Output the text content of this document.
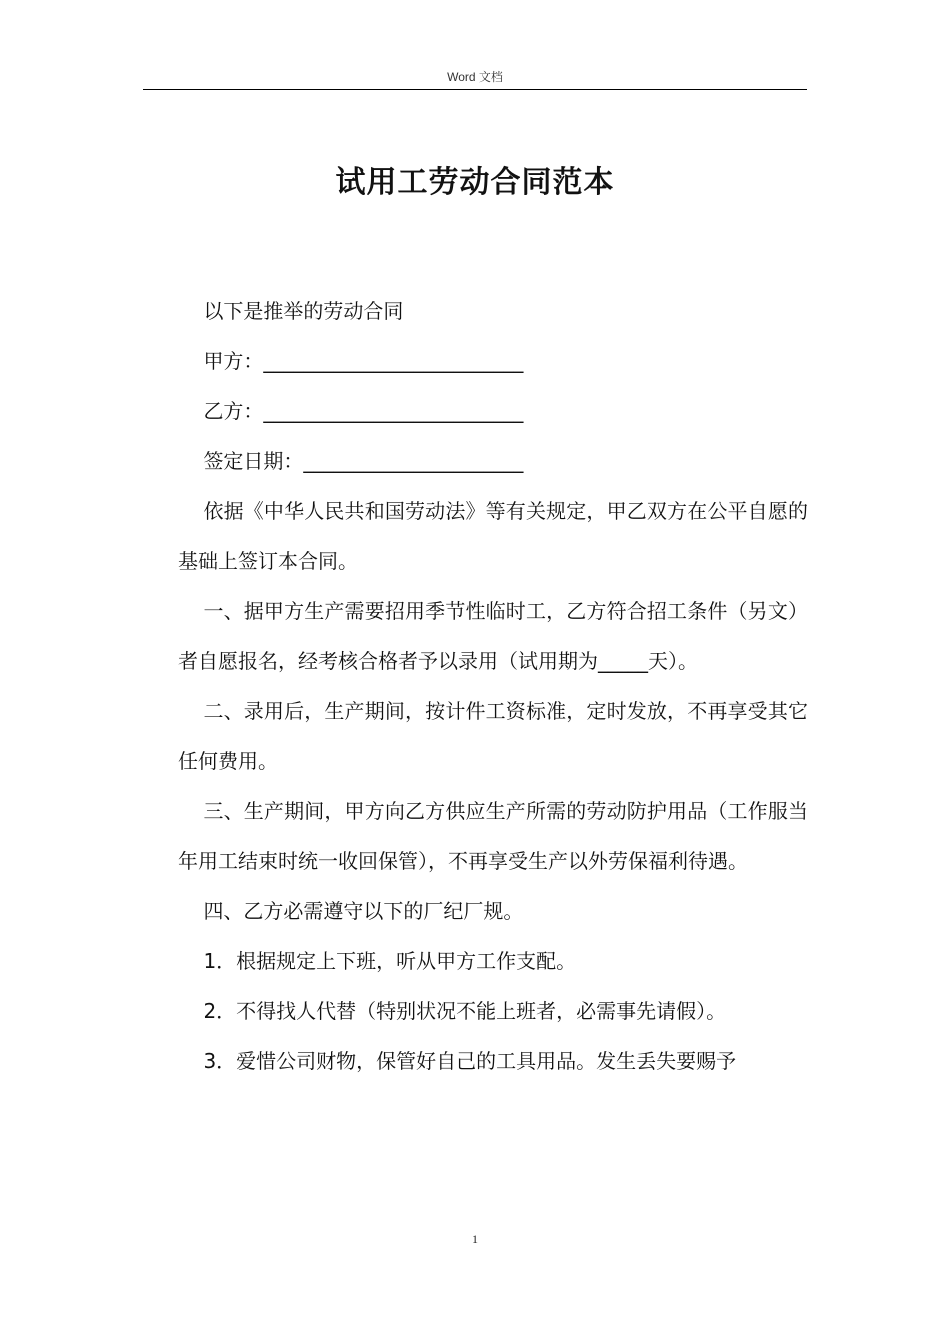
Word 文档
试用工劳动合同范本

以下是推举的劳动合同

甲方：__________________________

乙方：__________________________

签定日期：______________________

依据《中华人民共和国劳动法》等有关规定，甲乙双方在公平自愿的基础上签订本合同。

一、据甲方生产需要招用季节性临时工，乙方符合招工条件（另文）者自愿报名，经考核合格者予以录用（试用期为_____天）。

二、录用后，生产期间，按计件工资标准，定时发放，不再享受其它任何费用。

三、生产期间，甲方向乙方供应生产所需的劳动防护用品（工作服当年用工结束时统一收回保管），不再享受生产以外劳保福利待遇。

四、乙方必需遵守以下的厂纪厂规。

1．根据规定上下班，听从甲方工作支配。

2．不得找人代替（特别状况不能上班者，必需事先请假）。

3．爱惜公司财物，保管好自己的工具用品。发生丢失要赐予

1
